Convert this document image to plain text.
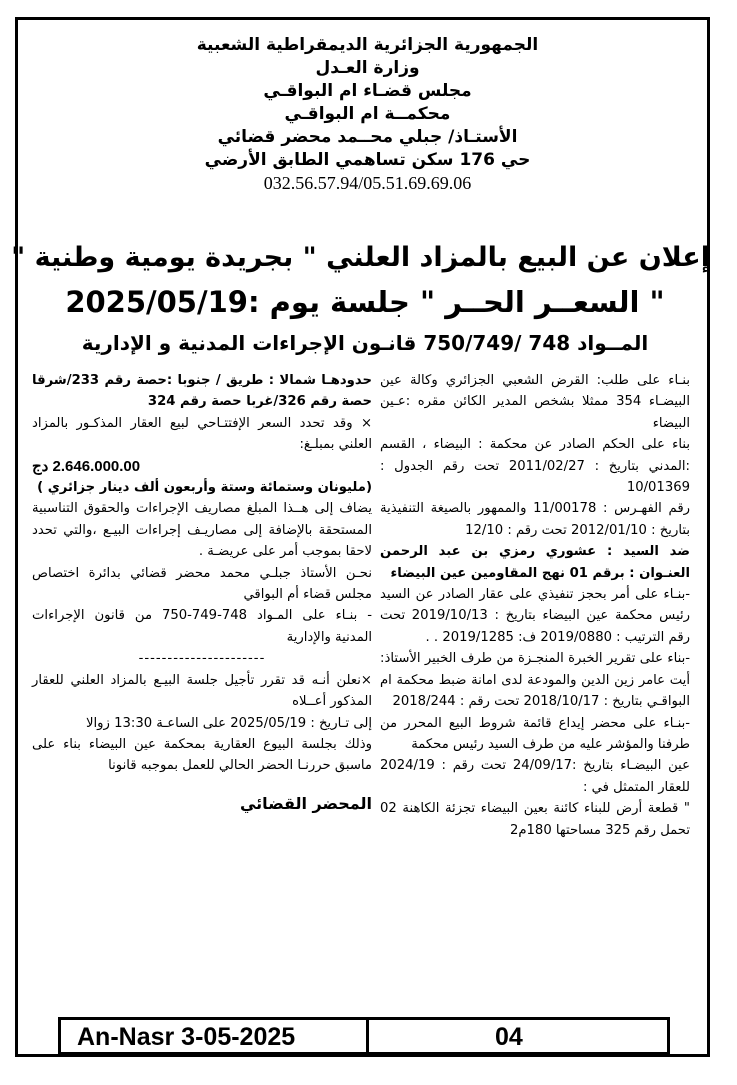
الجمهورية الجزائرية الديمقراطية الشعبية
وزارة العـدل
مجلس قضـاء ام البواقـي
محكمــة ام البواقـي
الأستـاذ/ جبلي محــمد محضر قضائي
حي 176 سكن تساهمي الطابق الأرضي
032.56.57.94/05.51.69.69.06
إعلان عن البيع بالمزاد العلني " بجريدة يومية وطنية "
" السعــر الحــر " جلسة يوم :2025/05/19
المــواد 748 /750/749 قانـون الإجراءات المدنية و الإدارية

بنـاء على طلب: القرض الشعبي الجزائري وكالة عين البيضـاء 354 ممثلا بشخص المدير الكائن مقره :عـين البيضاء

بناء على الحكم الصادر عن محكمة : البيضاء ، القسم :المدني بتاريخ : 2011/02/27 تحت رقم الجدول : 10/01369

رقم الفهـرس : 11/00178 والممهور بالصيغة التنفيذية بتاريخ : 2012/01/10 تحت رقم : 12/10

ضد السيد : عشوري رمزي بن عبد الرحمن العنـوان : برقم 01 نهج المقاومين عين البيضاء

-بنـاء على أمر بحجز تنفيذي على عقار الصادر عن السيد رئيس محكمة عين البيضاء بتاريخ : 2019/10/13 تحت رقم الترتيب : 2019/0880 ف: 2019/1285 . .

-بناء على تقرير الخبرة المنجـزة من طرف الخبير الأستاذ: أيت عامر زين الدين والمودعة لدى امانة ضبط محكمة ام البواقـي بتاريخ : 2018/10/17 تحت رقم : 2018/244

-بنـاء على محضر إيداع قائمة شروط البيع المحرر من طرفنا والمؤشر عليه من طرف السيد رئيس محكمة

عين البيضـاء بتاريخ :24/09/17 تحت رقم : 2024/19 للعقار المتمثل في :

" قطعة أرض للبناء كائنة بعين البيضاء تجزئة الكاهنة 02 تحمل رقم 325 مساحتها 180م2

حدودهـا شمالا : طريق / جنوبا :حصة رقم 233/شرقا حصة رقم 326/غربا حصة رقم 324

× وقد تحدد السعر الإفتتـاحي لبيع العقار المذكـور بالمزاد العلني بمبلـغ:

2.646.000.00 دج

(مليونان وستمائة وستة وأربعون ألف دينار جزائري )

يضاف إلى هــذا المبلغ مصاريف الإجراءات والحقوق التناسبية المستحقة بالإضافة إلى مصاريـف إجراءات البيـع ،والتي تحدد لاحقا بموجب أمر على عريضـة .

نحـن الأستاذ جبلـي محمد محضر قضائي بدائرة اختصاص مجلس قضاء أم البواقي

- بنـاء على المـواد 748-749-750 من قانون الإجراءات المدنية والإدارية

----------------------

×نعلن أنـه قد تقرر تأجيل جلسة البيـع بالمزاد العلني للعقار المذكور أعــلاه

إلى تـاريخ : 2025/05/19 على الساعـة 13:30 زوالا

وذلك بجلسة البيوع العقارية بمحكمة عين البيضاء بناء على ماسبق حررنـا الحضر الحالي للعمل بموجبه قانونا

المحضر القضائي

An-Nasr 3-05-2025	04
